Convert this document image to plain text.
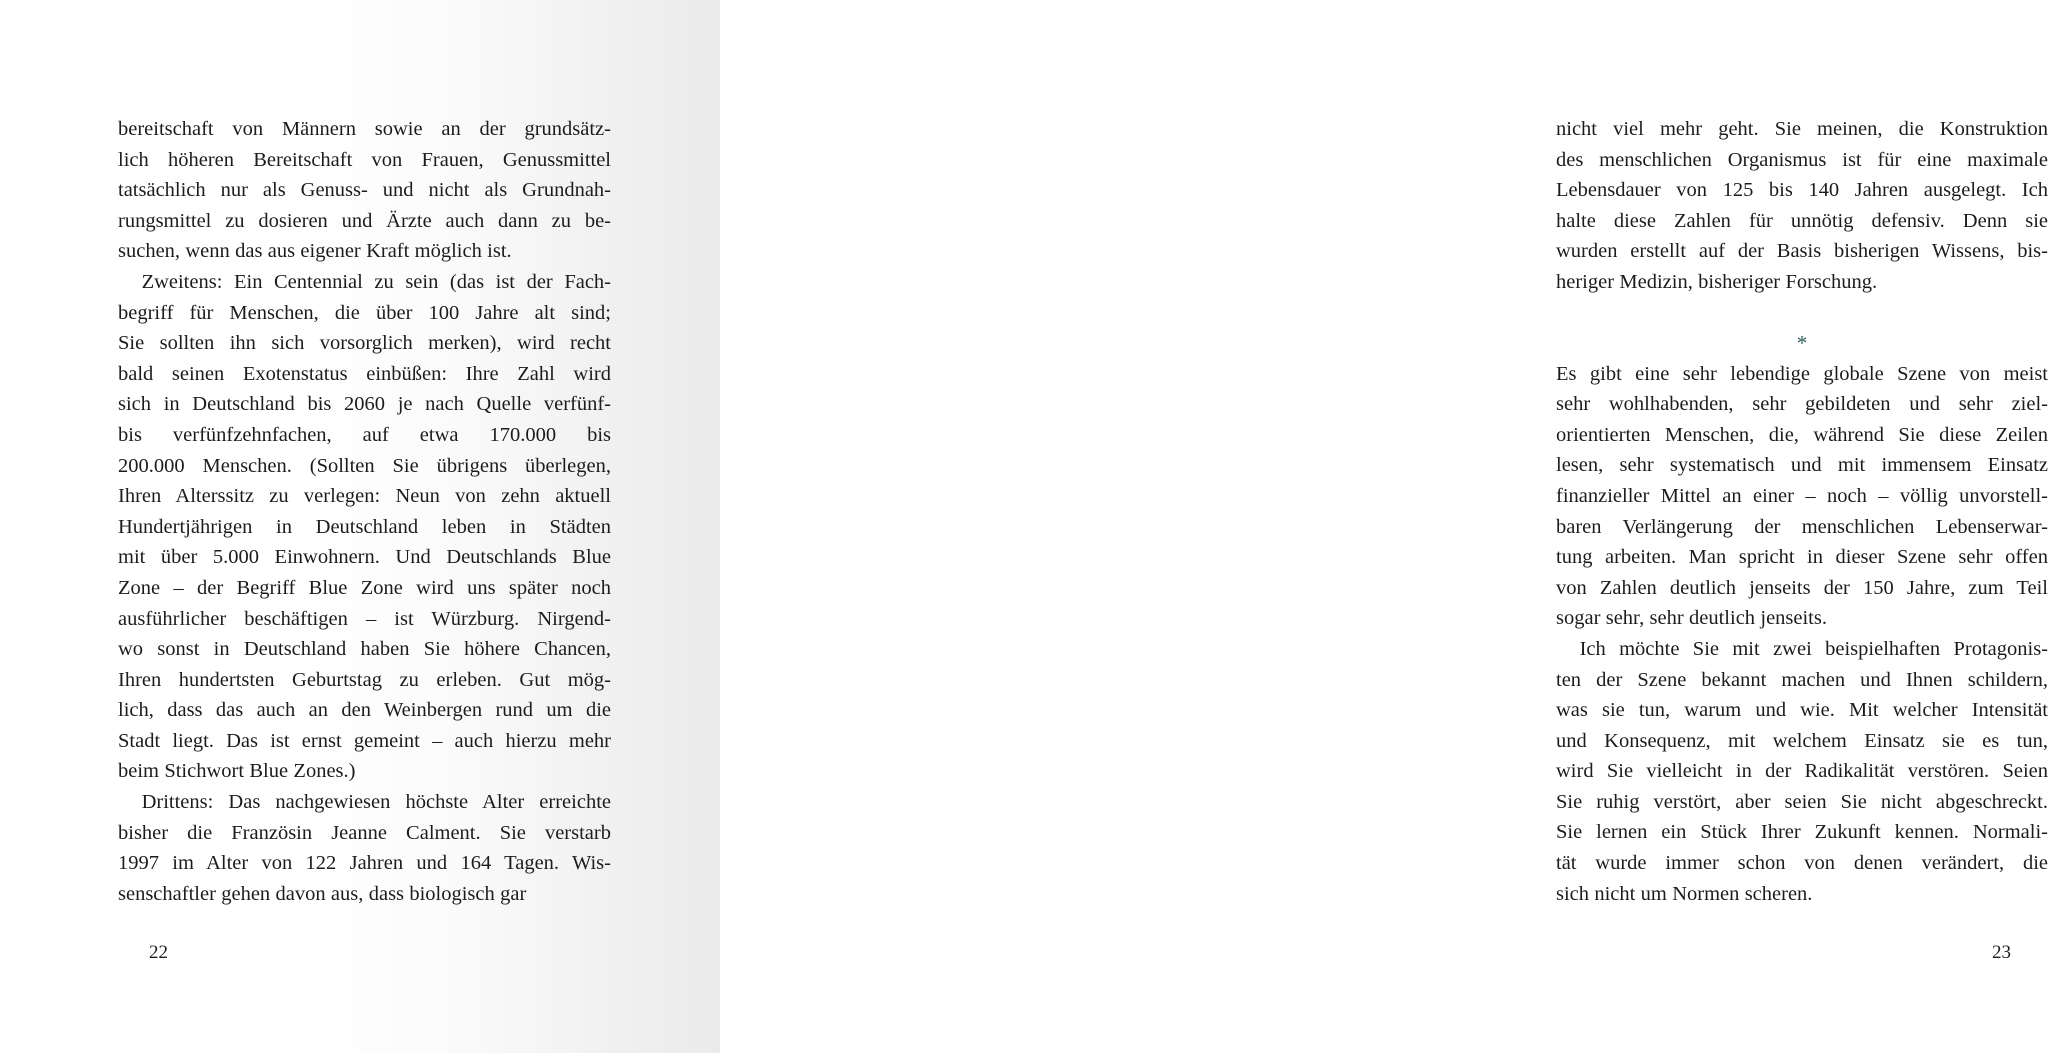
bereitschaft von Männern sowie an der grundsätz-
lich höheren Bereitschaft von Frauen, Genussmittel
tatsächlich nur als Genuss- und nicht als Grundnah-
rungsmittel zu dosieren und Ärzte auch dann zu be-
suchen, wenn das aus eigener Kraft möglich ist.

Zweitens: Ein Centennial zu sein (das ist der Fach-
begriff für Menschen, die über 100 Jahre alt sind;
Sie sollten ihn sich vorsorglich merken), wird recht
bald seinen Exotenstatus einbüßen: Ihre Zahl wird
sich in Deutschland bis 2060 je nach Quelle verfünf-
bis verfünfzehnfachen, auf etwa 170.000 bis
200.000 Menschen. (Sollten Sie übrigens überlegen,
Ihren Alterssitz zu verlegen: Neun von zehn aktuell
Hundertjährigen in Deutschland leben in Städten
mit über 5.000 Einwohnern. Und Deutschlands Blue
Zone – der Begriff Blue Zone wird uns später noch
ausführlicher beschäftigen – ist Würzburg. Nirgend-
wo sonst in Deutschland haben Sie höhere Chancen,
Ihren hundertsten Geburtstag zu erleben. Gut mög-
lich, dass das auch an den Weinbergen rund um die
Stadt liegt. Das ist ernst gemeint – auch hierzu mehr
beim Stichwort Blue Zones.)

Drittens: Das nachgewiesen höchste Alter erreichte
bisher die Französin Jeanne Calment. Sie verstarb
1997 im Alter von 122 Jahren und 164 Tagen. Wis-
senschaftler gehen davon aus, dass biologisch gar

22

nicht viel mehr geht. Sie meinen, die Konstruktion
des menschlichen Organismus ist für eine maximale
Lebensdauer von 125 bis 140 Jahren ausgelegt. Ich
halte diese Zahlen für unnötig defensiv. Denn sie
wurden erstellt auf der Basis bisherigen Wissens, bis-
heriger Medizin, bisheriger Forschung.

*

Es gibt eine sehr lebendige globale Szene von meist
sehr wohlhabenden, sehr gebildeten und sehr ziel-
orientierten Menschen, die, während Sie diese Zeilen
lesen, sehr systematisch und mit immensem Einsatz
finanzieller Mittel an einer – noch – völlig unvorstell-
baren Verlängerung der menschlichen Lebenserwar-
tung arbeiten. Man spricht in dieser Szene sehr offen
von Zahlen deutlich jenseits der 150 Jahre, zum Teil
sogar sehr, sehr deutlich jenseits.

Ich möchte Sie mit zwei beispielhaften Protagonis-
ten der Szene bekannt machen und Ihnen schildern,
was sie tun, warum und wie. Mit welcher Intensität
und Konsequenz, mit welchem Einsatz sie es tun,
wird Sie vielleicht in der Radikalität verstören. Seien
Sie ruhig verstört, aber seien Sie nicht abgeschreckt.
Sie lernen ein Stück Ihrer Zukunft kennen. Normali-
tät wurde immer schon von denen verändert, die
sich nicht um Normen scheren.

23
